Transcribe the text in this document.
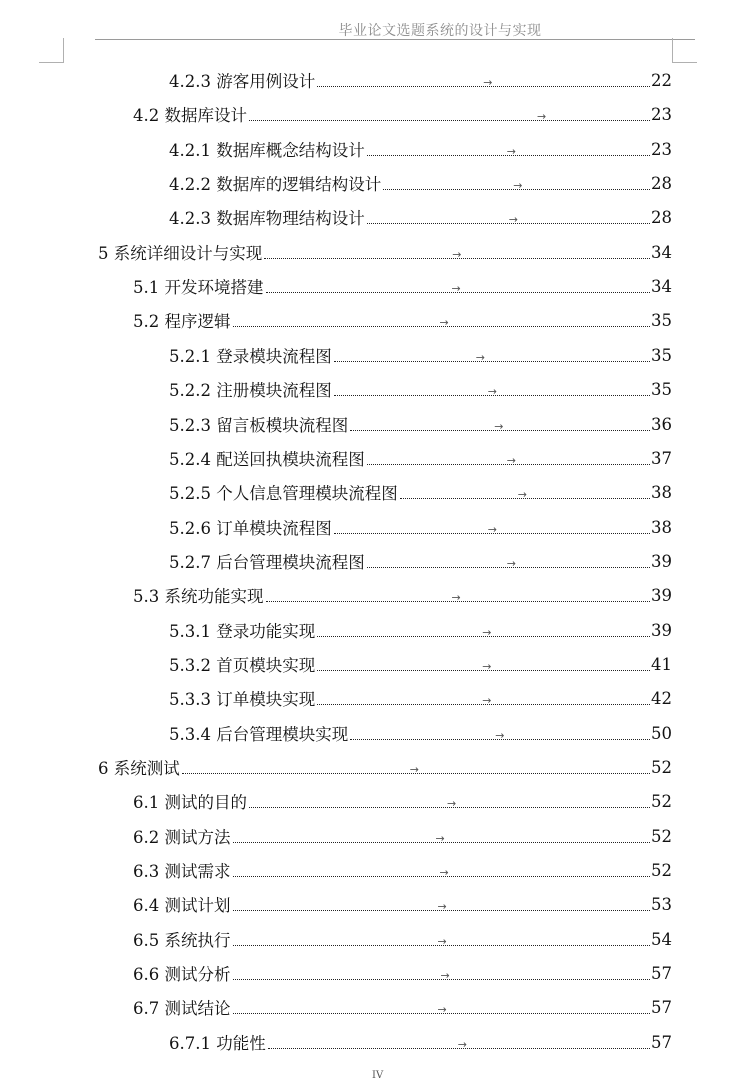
毕业论文选题系统的设计与实现
4.2.3 游客用例设计	→	22
4.2 数据库设计	→	23
4.2.1 数据库概念结构设计	→	23
4.2.2 数据库的逻辑结构设计	→	28
4.2.3 数据库物理结构设计	→	28
5 系统详细设计与实现	→	34
5.1 开发环境搭建	→	34
5.2 程序逻辑	→	35
5.2.1 登录模块流程图	→	35
5.2.2 注册模块流程图	→	35
5.2.3 留言板模块流程图	→	36
5.2.4 配送回执模块流程图	→	37
5.2.5 个人信息管理模块流程图	→	38
5.2.6 订单模块流程图	→	38
5.2.7 后台管理模块流程图	→	39
5.3 系统功能实现	→	39
5.3.1 登录功能实现	→	39
5.3.2 首页模块实现	→	41
5.3.3 订单模块实现	→	42
5.3.4 后台管理模块实现	→	50
6 系统测试	→	52
6.1 测试的目的	→	52
6.2 测试方法	→	52
6.3 测试需求	→	52
6.4 测试计划	→	53
6.5 系统执行	→	54
6.6 测试分析	→	57
6.7 测试结论	→	57
6.7.1 功能性	→	57
IV
